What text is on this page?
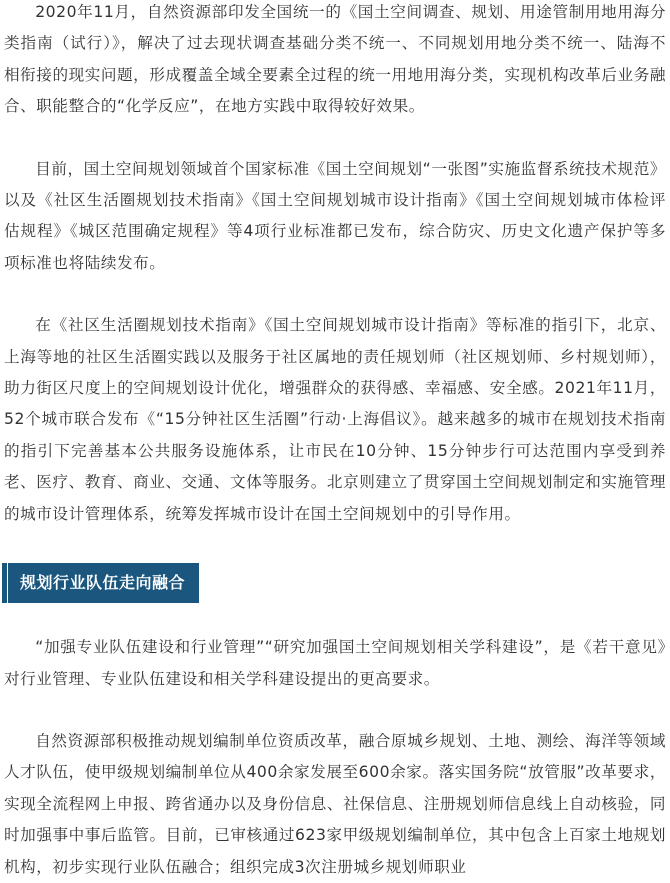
2020年11月，自然资源部印发全国统一的《国土空间调查、规划、用途管制用地用海分类指南（试行）》，解决了过去现状调查基础分类不统一、不同规划用地分类不统一、陆海不相衔接的现实问题，形成覆盖全域全要素全过程的统一用地用海分类，实现机构改革后业务融合、职能整合的“化学反应”，在地方实践中取得较好效果。

目前，国土空间规划领域首个国家标准《国土空间规划“一张图”实施监督系统技术规范》以及《社区生活圈规划技术指南》《国土空间规划城市设计指南》《国土空间规划城市体检评估规程》《城区范围确定规程》等4项行业标准都已发布，综合防灾、历史文化遗产保护等多项标准也将陆续发布。

在《社区生活圈规划技术指南》《国土空间规划城市设计指南》等标准的指引下，北京、上海等地的社区生活圈实践以及服务于社区属地的责任规划师（社区规划师、乡村规划师），助力街区尺度上的空间规划设计优化，增强群众的获得感、幸福感、安全感。2021年11月，52个城市联合发布《“15分钟社区生活圈”行动·上海倡议》。越来越多的城市在规划技术指南的指引下完善基本公共服务设施体系，让市民在10分钟、15分钟步行可达范围内享受到养老、医疗、教育、商业、交通、文体等服务。北京则建立了贯穿国土空间规划制定和实施管理的城市设计管理体系，统筹发挥城市设计在国土空间规划中的引导作用。

规划行业队伍走向融合

“加强专业队伍建设和行业管理”“研究加强国土空间规划相关学科建设”，是《若干意见》对行业管理、专业队伍建设和相关学科建设提出的更高要求。

自然资源部积极推动规划编制单位资质改革，融合原城乡规划、土地、测绘、海洋等领域人才队伍，使甲级规划编制单位从400余家发展至600余家。落实国务院“放管服”改革要求，实现全流程网上申报、跨省通办以及身份信息、社保信息、注册规划师信息线上自动核验，同时加强事中事后监管。目前，已审核通过623家甲级规划编制单位，其中包含上百家土地规划机构，初步实现行业队伍融合；组织完成3次注册城乡规划师职业
